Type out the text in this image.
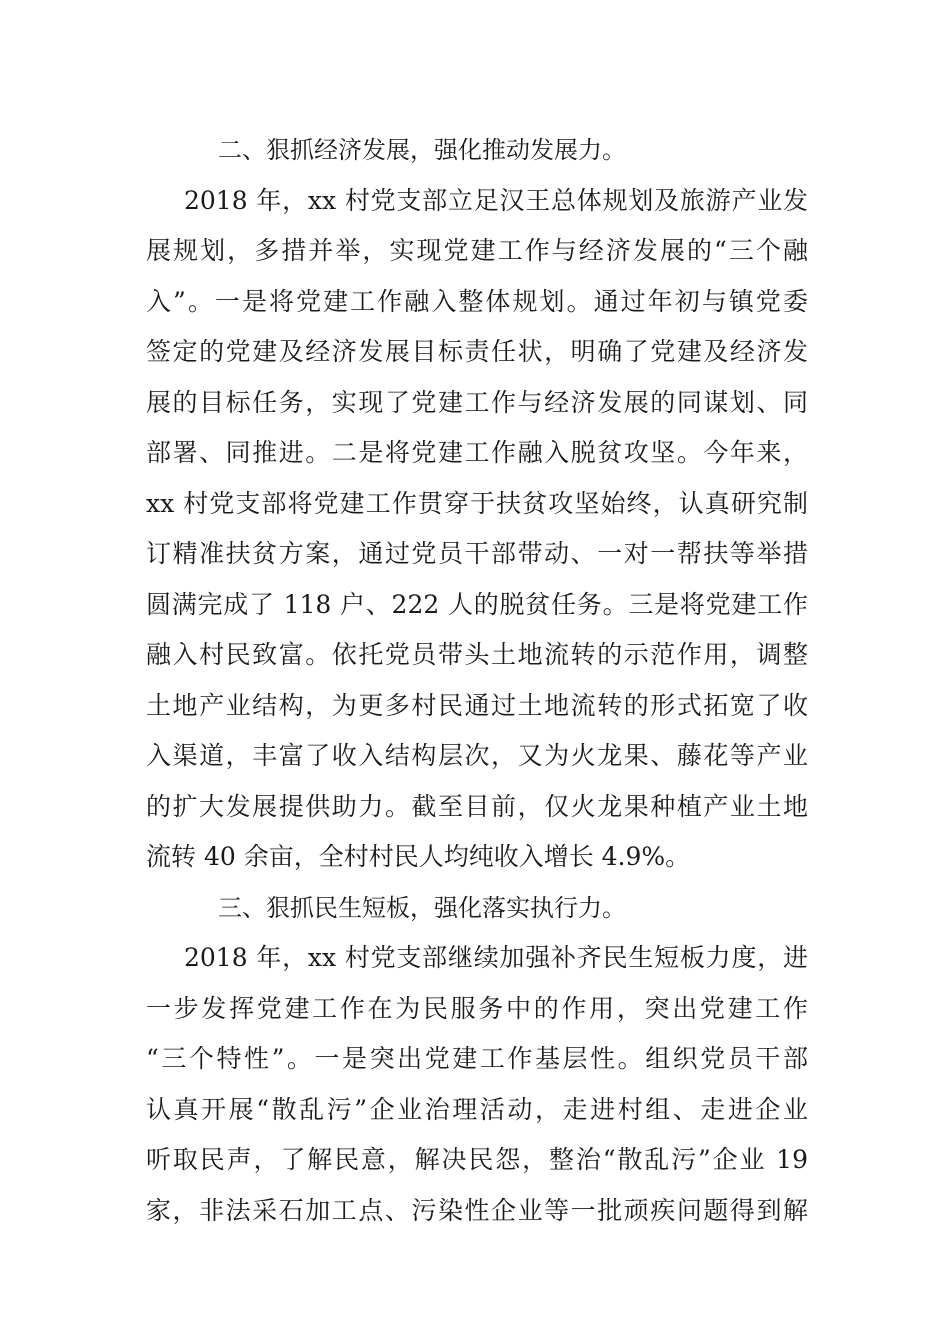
二、狠抓经济发展，强化推动发展力。

2018 年，xx 村党支部立足汉王总体规划及旅游产业发
展规划，多措并举，实现党建工作与经济发展的“三个融
入”。一是将党建工作融入整体规划。通过年初与镇党委
签定的党建及经济发展目标责任状，明确了党建及经济发
展的目标任务，实现了党建工作与经济发展的同谋划、同
部署、同推进。二是将党建工作融入脱贫攻坚。今年来，
xx 村党支部将党建工作贯穿于扶贫攻坚始终，认真研究制
订精准扶贫方案，通过党员干部带动、一对一帮扶等举措
圆满完成了 118 户、222 人的脱贫任务。三是将党建工作
融入村民致富。依托党员带头土地流转的示范作用，调整
土地产业结构，为更多村民通过土地流转的形式拓宽了收
入渠道，丰富了收入结构层次，又为火龙果、藤花等产业
的扩大发展提供助力。截至目前，仅火龙果种植产业土地
流转 40 余亩，全村村民人均纯收入增长 4.9%。

三、狠抓民生短板，强化落实执行力。

2018 年，xx 村党支部继续加强补齐民生短板力度，进
一步发挥党建工作在为民服务中的作用，突出党建工作
“三个特性”。一是突出党建工作基层性。组织党员干部
认真开展“散乱污”企业治理活动，走进村组、走进企业
听取民声，了解民意，解决民怨，整治“散乱污”企业 19
家，非法采石加工点、污染性企业等一批顽疾问题得到解
